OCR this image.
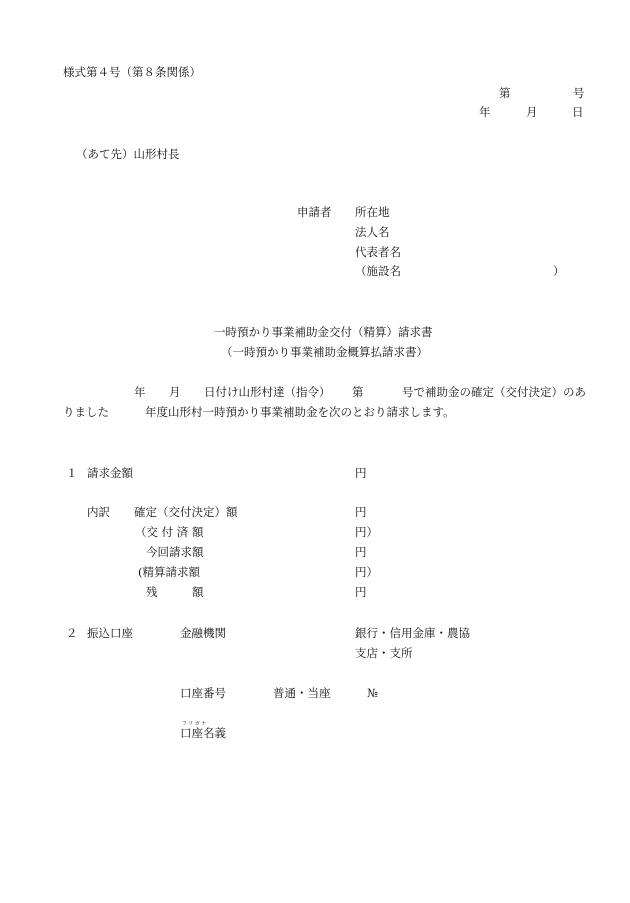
様式第４号（第８条関係）
第	号
年	月	日
（あて先）山形村長
申請者 所在地
法人名
代表者名
（施設名	）
一時預かり事業補助金交付（精算）請求書
（一時預かり事業補助金概算払請求書）
年 月 日付け山形村達（指令） 第	号で補助金の確定（交付決定）のあ
りました	年度山形村一時預かり事業補助金を次のとおり請求します。
１ 請求金額	円
内訳 確定（交付決定）額	円
（交 付 済 額	円）
今回請求額	円
(精算請求額	円）
残　　　額	円
２ 振込口座	金融機関	銀行・信用金庫・農協
支店・支所
口座番号	普通・当座	№
フリガナ
口座名義
